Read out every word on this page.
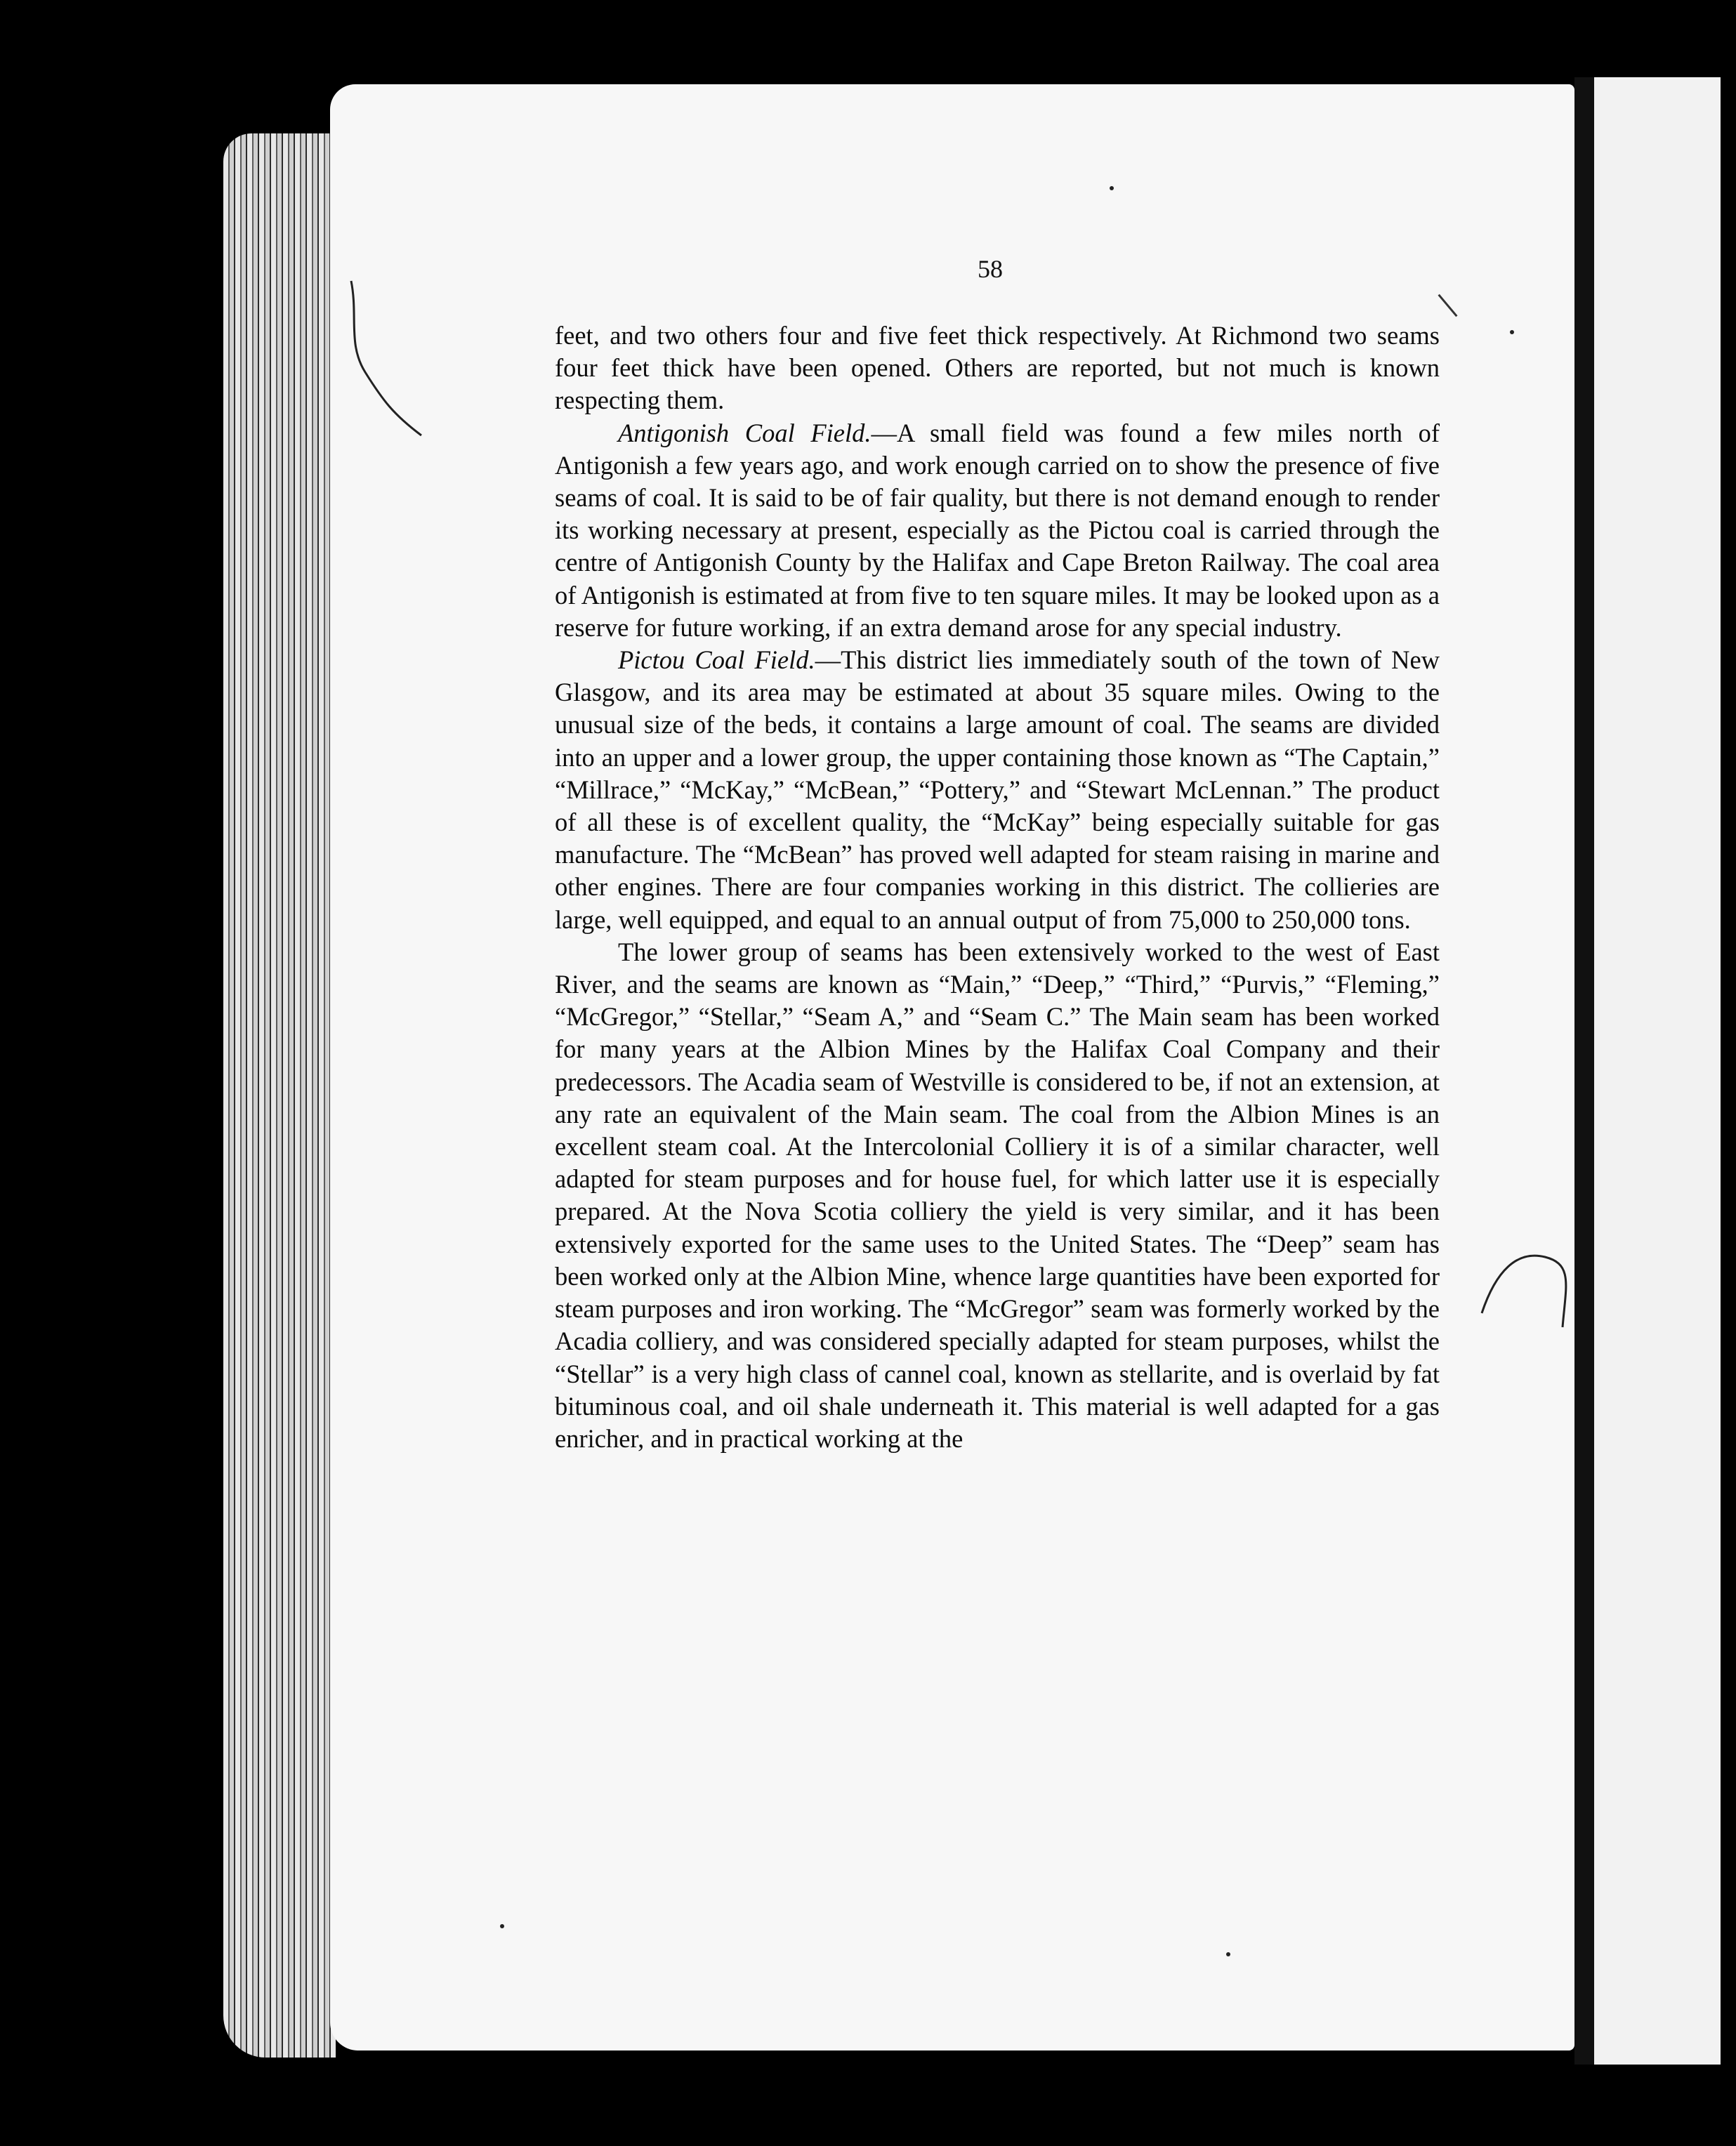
58

feet, and two others four and five feet thick respectively. At Richmond two seams four feet thick have been opened. Others are reported, but not much is known respecting them.

Antigonish Coal Field.—A small field was found a few miles north of Antigonish a few years ago, and work enough carried on to show the presence of five seams of coal. It is said to be of fair quality, but there is not demand enough to render its working necessary at present, especially as the Pictou coal is carried through the centre of Antigonish County by the Halifax and Cape Breton Railway. The coal area of Antigonish is estimated at from five to ten square miles. It may be looked upon as a reserve for future working, if an extra demand arose for any special industry.

Pictou Coal Field.—This district lies immediately south of the town of New Glasgow, and its area may be estimated at about 35 square miles. Owing to the unusual size of the beds, it contains a large amount of coal. The seams are divided into an upper and a lower group, the upper containing those known as “The Captain,” “Millrace,” “McKay,” “McBean,” “Pottery,” and “Stewart McLennan.” The product of all these is of excellent quality, the “McKay” being especially suitable for gas manufacture. The “McBean” has proved well adapted for steam raising in marine and other engines. There are four companies working in this district. The collieries are large, well equipped, and equal to an annual output of from 75,000 to 250,000 tons.

The lower group of seams has been extensively worked to the west of East River, and the seams are known as “Main,” “Deep,” “Third,” “Purvis,” “Fleming,” “McGregor,” “Stellar,” “Seam A,” and “Seam C.” The Main seam has been worked for many years at the Albion Mines by the Halifax Coal Company and their predecessors. The Acadia seam of Westville is considered to be, if not an extension, at any rate an equivalent of the Main seam. The coal from the Albion Mines is an excellent steam coal. At the Intercolonial Colliery it is of a similar character, well adapted for steam purposes and for house fuel, for which latter use it is especially prepared. At the Nova Scotia colliery the yield is very similar, and it has been extensively exported for the same uses to the United States. The “Deep” seam has been worked only at the Albion Mine, whence large quantities have been exported for steam purposes and iron working. The “McGregor” seam was formerly worked by the Acadia colliery, and was considered specially adapted for steam purposes, whilst the “Stellar” is a very high class of cannel coal, known as stellarite, and is overlaid by fat bituminous coal, and oil shale underneath it. This material is well adapted for a gas enricher, and in practical working at the
